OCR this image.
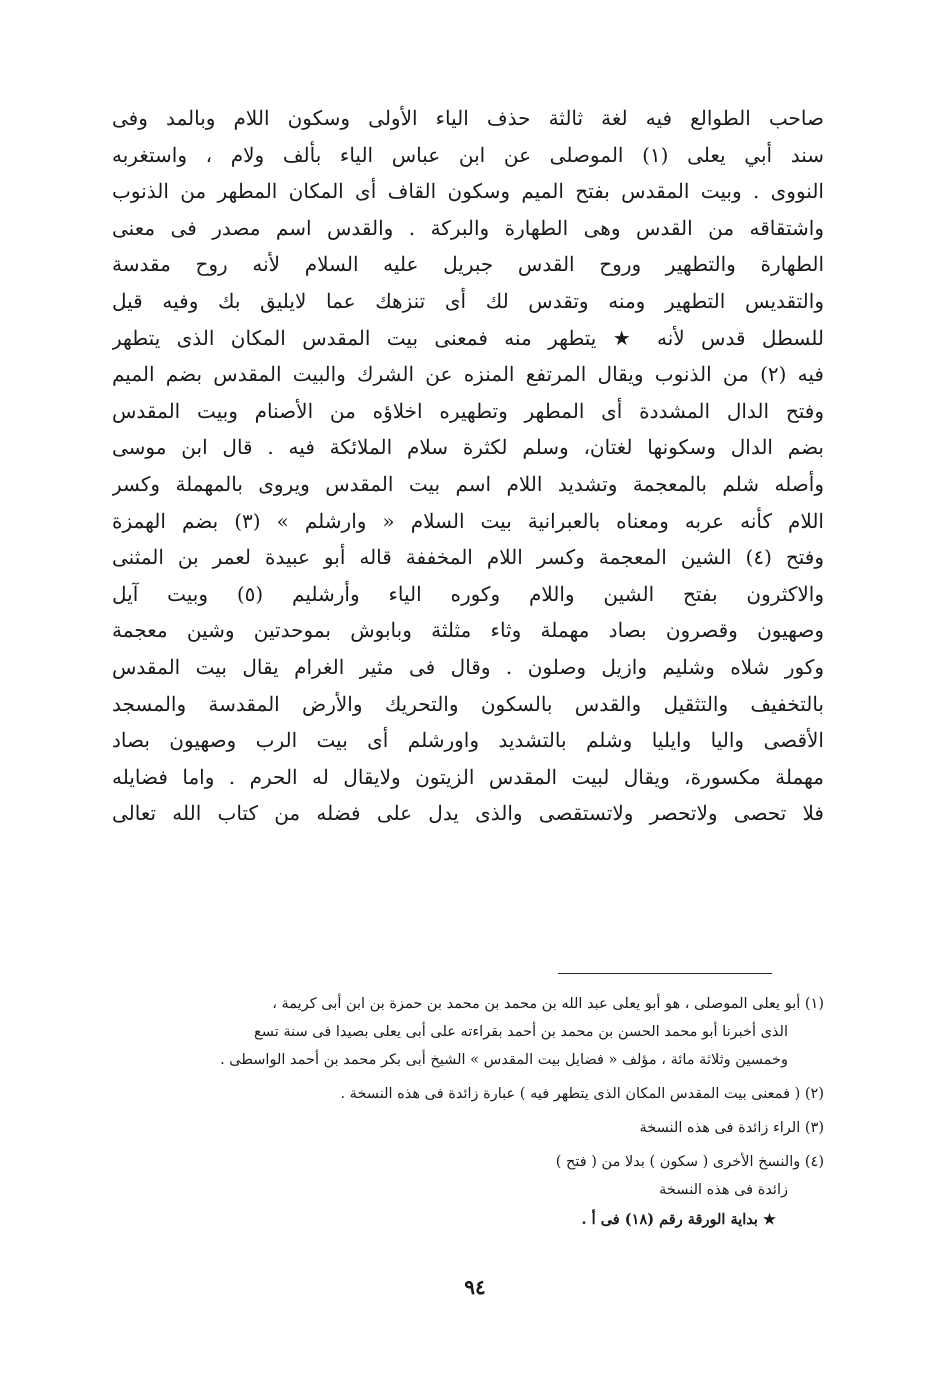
صاحب الطوالع فيه لغة ثالثة حذف الياء الأولى وسكون اللام وبالمد وفى
سند أبي يعلى (١) الموصلى عن ابن عباس الياء بألف ولام ، واستغربه
النووى . وبيت المقدس بفتح الميم وسكون القاف أى المكان المطهر من الذنوب
واشتقاقه من القدس وهى الطهارة والبركة . والقدس اسم مصدر فى معنى
الطهارة والتطهير وروح القدس جبريل عليه السلام لأنه روح مقدسة
والتقديس التطهير ومنه وتقدس لك أى تنزهك عما لايليق بك وفيه قيل
للسطل قدس لأنه ★ يتطهر منه فمعنى بيت المقدس المكان الذى يتطهر
فيه (٢) من الذنوب ويقال المرتفع المنزه عن الشرك والبيت المقدس بضم الميم
وفتح الدال المشددة أى المطهر وتطهيره اخلاؤه من الأصنام وبيت المقدس
بضم الدال وسكونها لغتان، وسلم لكثرة سلام الملائكة فيه . قال ابن موسى
وأصله شلم بالمعجمة وتشديد اللام اسم بيت المقدس ويروى بالمهملة وكسر
اللام كأنه عربه ومعناه بالعبرانية بيت السلام « وارشلم » (٣) بضم الهمزة
وفتح (٤) الشين المعجمة وكسر اللام المخففة قاله أبو عبيدة لعمر بن المثنى
والاكثرون بفتح الشين واللام وكوره الياء وأرشليم (٥) وبيت آيل
وصهيون وقصرون بصاد مهملة وثاء مثلثة وبابوش بموحدتين وشين معجمة
وكور شلاه وشليم وازيل وصلون . وقال فى مثير الغرام يقال بيت المقدس
بالتخفيف والتثقيل والقدس بالسكون والتحريك والأرض المقدسة والمسجد
الأقصى واليا وايليا وشلم بالتشديد واورشلم أى بيت الرب وصهيون بصاد
مهملة مكسورة، ويقال لبيت المقدس الزيتون ولايقال له الحرم . واما فضايله
فلا تحصى ولاتحصر ولاتستقصى والذى يدل على فضله من كتاب الله تعالى
(١) أبو يعلى الموصلى ، هو أبو يعلى عبد الله بن محمد بن محمد بن حمزة بن ابن أبى كريمة ،
الذى أخبرنا أبو محمد الحسن بن محمد بن أحمد بقراءته على أبى يعلى بصيدا فى سنة تسع
وخمسين وثلاثة مائة ، مؤلف « فضايل بيت المقدس » الشيخ أبى بكر محمد بن أحمد الواسطى .
(٢) ( فمعنى بيت المقدس المكان الذى يتطهر فيه ) عبارة زائدة فى هذه النسخة .
(٣) الراء زائدة فى هذه النسخة
(٤) والنسخ الأخرى ( سكون ) بدلا من ( فتح )
زائدة فى هذه النسخة
★ بداية الورقة رقم (١٨) فى أ .
٩٤
